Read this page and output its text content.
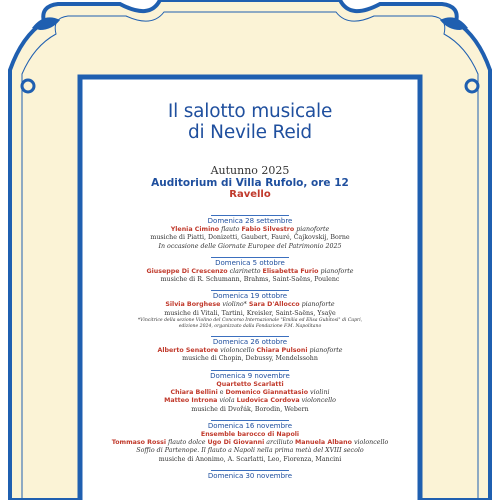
Il salotto musicale
di Nevile Reid
Autunno 2025
Auditorium di Villa Rufolo, ore 12
Ravello
Domenica 28 settembre
Ylenia Cimino flauto Fabio Silvestro pianoforte
musiche di Piatti, Donizetti, Gaubert, Fauré, Čajkovskij, Borne
In occasione delle Giornate Europee del Patrimonio 2025
Domenica 5 ottobre
Giuseppe Di Crescenzo clarinetto Elisabetta Furio pianoforte
musiche di R. Schumann, Brahms, Saint-Saëns, Poulenc
Domenica 19 ottobre
Silvia Borghese violino* Sara D'Allocco pianoforte
musiche di Vitali, Tartini, Kreisler, Saint-Saëns, Ysaÿe
*Vincitrice della sezione Violino del Concorso Internazionale "Emilia ed Elisa Gubitosi" di Capri,
edizione 2024, organizzato dalla Fondazione F.M. Napolitano
Domenica 26 ottobre
Alberto Senatore violoncello Chiara Pulsoni pianoforte
musiche di Chopin, Debussy, Mendelssohn
Domenica 9 novembre
Quartetto Scarlatti
Chiara Bellini e Domenico Giannattasio violini
Matteo Introna viola Ludovica Cordova violoncello
musiche di Dvořák, Borodin, Webern
Domenica 16 novembre
Ensemble barocco di Napoli
Tommaso Rossi flauto dolce Ugo Di Giovanni arciliuto Manuela Albano violoncello
Soffio di Partenope. Il flauto a Napoli nella prima metà del XVIII secolo
musiche di Anonimo, A. Scarlatti, Leo, Fiorenza, Mancini
Domenica 30 novembre
